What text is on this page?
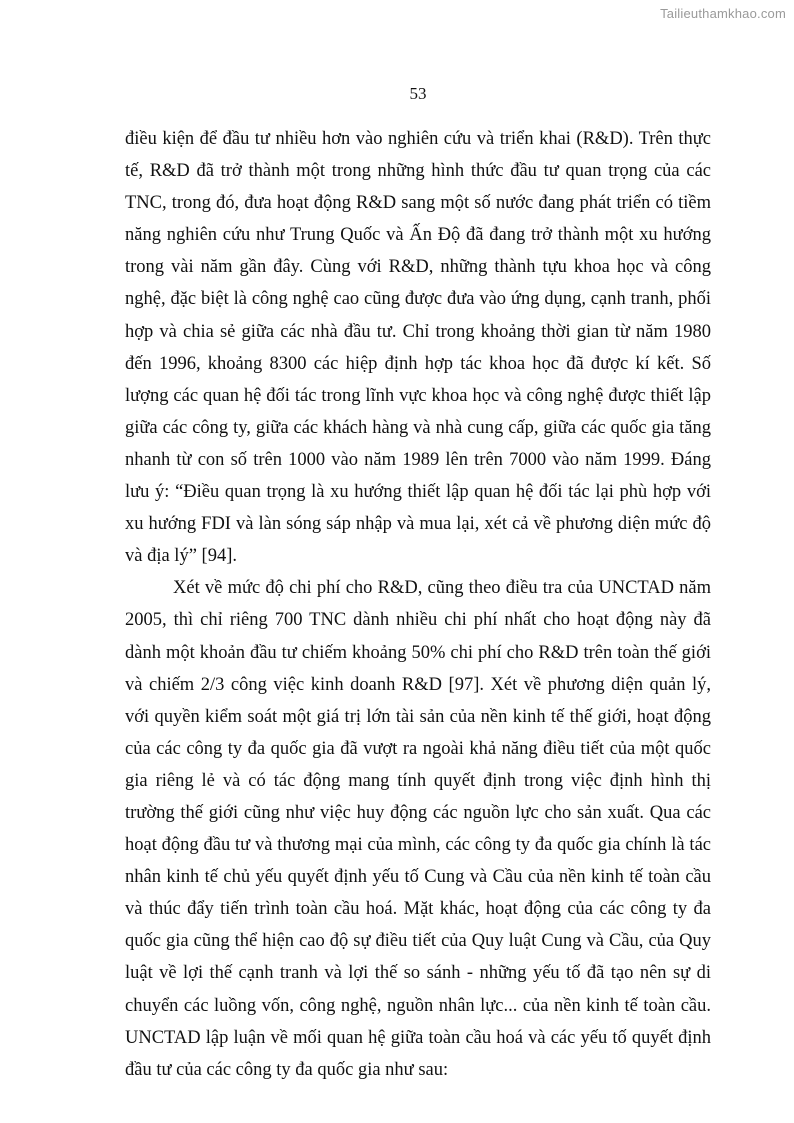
Tailieuthamkhao.com
53

điều kiện để đầu tư nhiều hơn vào nghiên cứu và triển khai (R&D). Trên thực tế, R&D đã trở thành một trong những hình thức đầu tư quan trọng của các TNC, trong đó, đưa hoạt động R&D sang một số nước đang phát triển có tiềm năng nghiên cứu như Trung Quốc và Ấn Độ đã đang trở thành một xu hướng trong vài năm gần đây. Cùng với R&D, những thành tựu khoa học và công nghệ, đặc biệt là công nghệ cao cũng được đưa vào ứng dụng, cạnh tranh, phối hợp và chia sẻ giữa các nhà đầu tư. Chỉ trong khoảng thời gian từ năm 1980 đến 1996, khoảng 8300 các hiệp định hợp tác khoa học đã được kí kết. Số lượng các quan hệ đối tác trong lĩnh vực khoa học và công nghệ được thiết lập giữa các công ty, giữa các khách hàng và nhà cung cấp, giữa các quốc gia tăng nhanh từ con số trên 1000 vào năm 1989 lên trên 7000 vào năm 1999. Đáng lưu ý: “Điều quan trọng là xu hướng thiết lập quan hệ đối tác lại phù hợp với xu hướng FDI và làn sóng sáp nhập và mua lại, xét cả về phương diện mức độ và địa lý” [94].

Xét về mức độ chi phí cho R&D, cũng theo điều tra của UNCTAD năm 2005, thì chỉ riêng 700 TNC dành nhiều chi phí nhất cho hoạt động này đã dành một khoản đầu tư chiếm khoảng 50% chi phí cho R&D trên toàn thế giới và chiếm 2/3 công việc kinh doanh R&D [97]. Xét về phương diện quản lý, với quyền kiểm soát một giá trị lớn tài sản của nền kinh tế thế giới, hoạt động của các công ty đa quốc gia đã vượt ra ngoài khả năng điều tiết của một quốc gia riêng lẻ và có tác động mang tính quyết định trong việc định hình thị trường thế giới cũng như việc huy động các nguồn lực cho sản xuất. Qua các hoạt động đầu tư và thương mại của mình, các công ty đa quốc gia chính là tác nhân kinh tế chủ yếu quyết định yếu tố Cung và Cầu của nền kinh tế toàn cầu và thúc đẩy tiến trình toàn cầu hoá. Mặt khác, hoạt động của các công ty đa quốc gia cũng thể hiện cao độ sự điều tiết của Quy luật Cung và Cầu, của Quy luật về lợi thế cạnh tranh và lợi thế so sánh - những yếu tố đã tạo nên sự di chuyển các luồng vốn, công nghệ, nguồn nhân lực... của nền kinh tế toàn cầu. UNCTAD lập luận về mối quan hệ giữa toàn cầu hoá và các yếu tố quyết định đầu tư của các công ty đa quốc gia như sau:
